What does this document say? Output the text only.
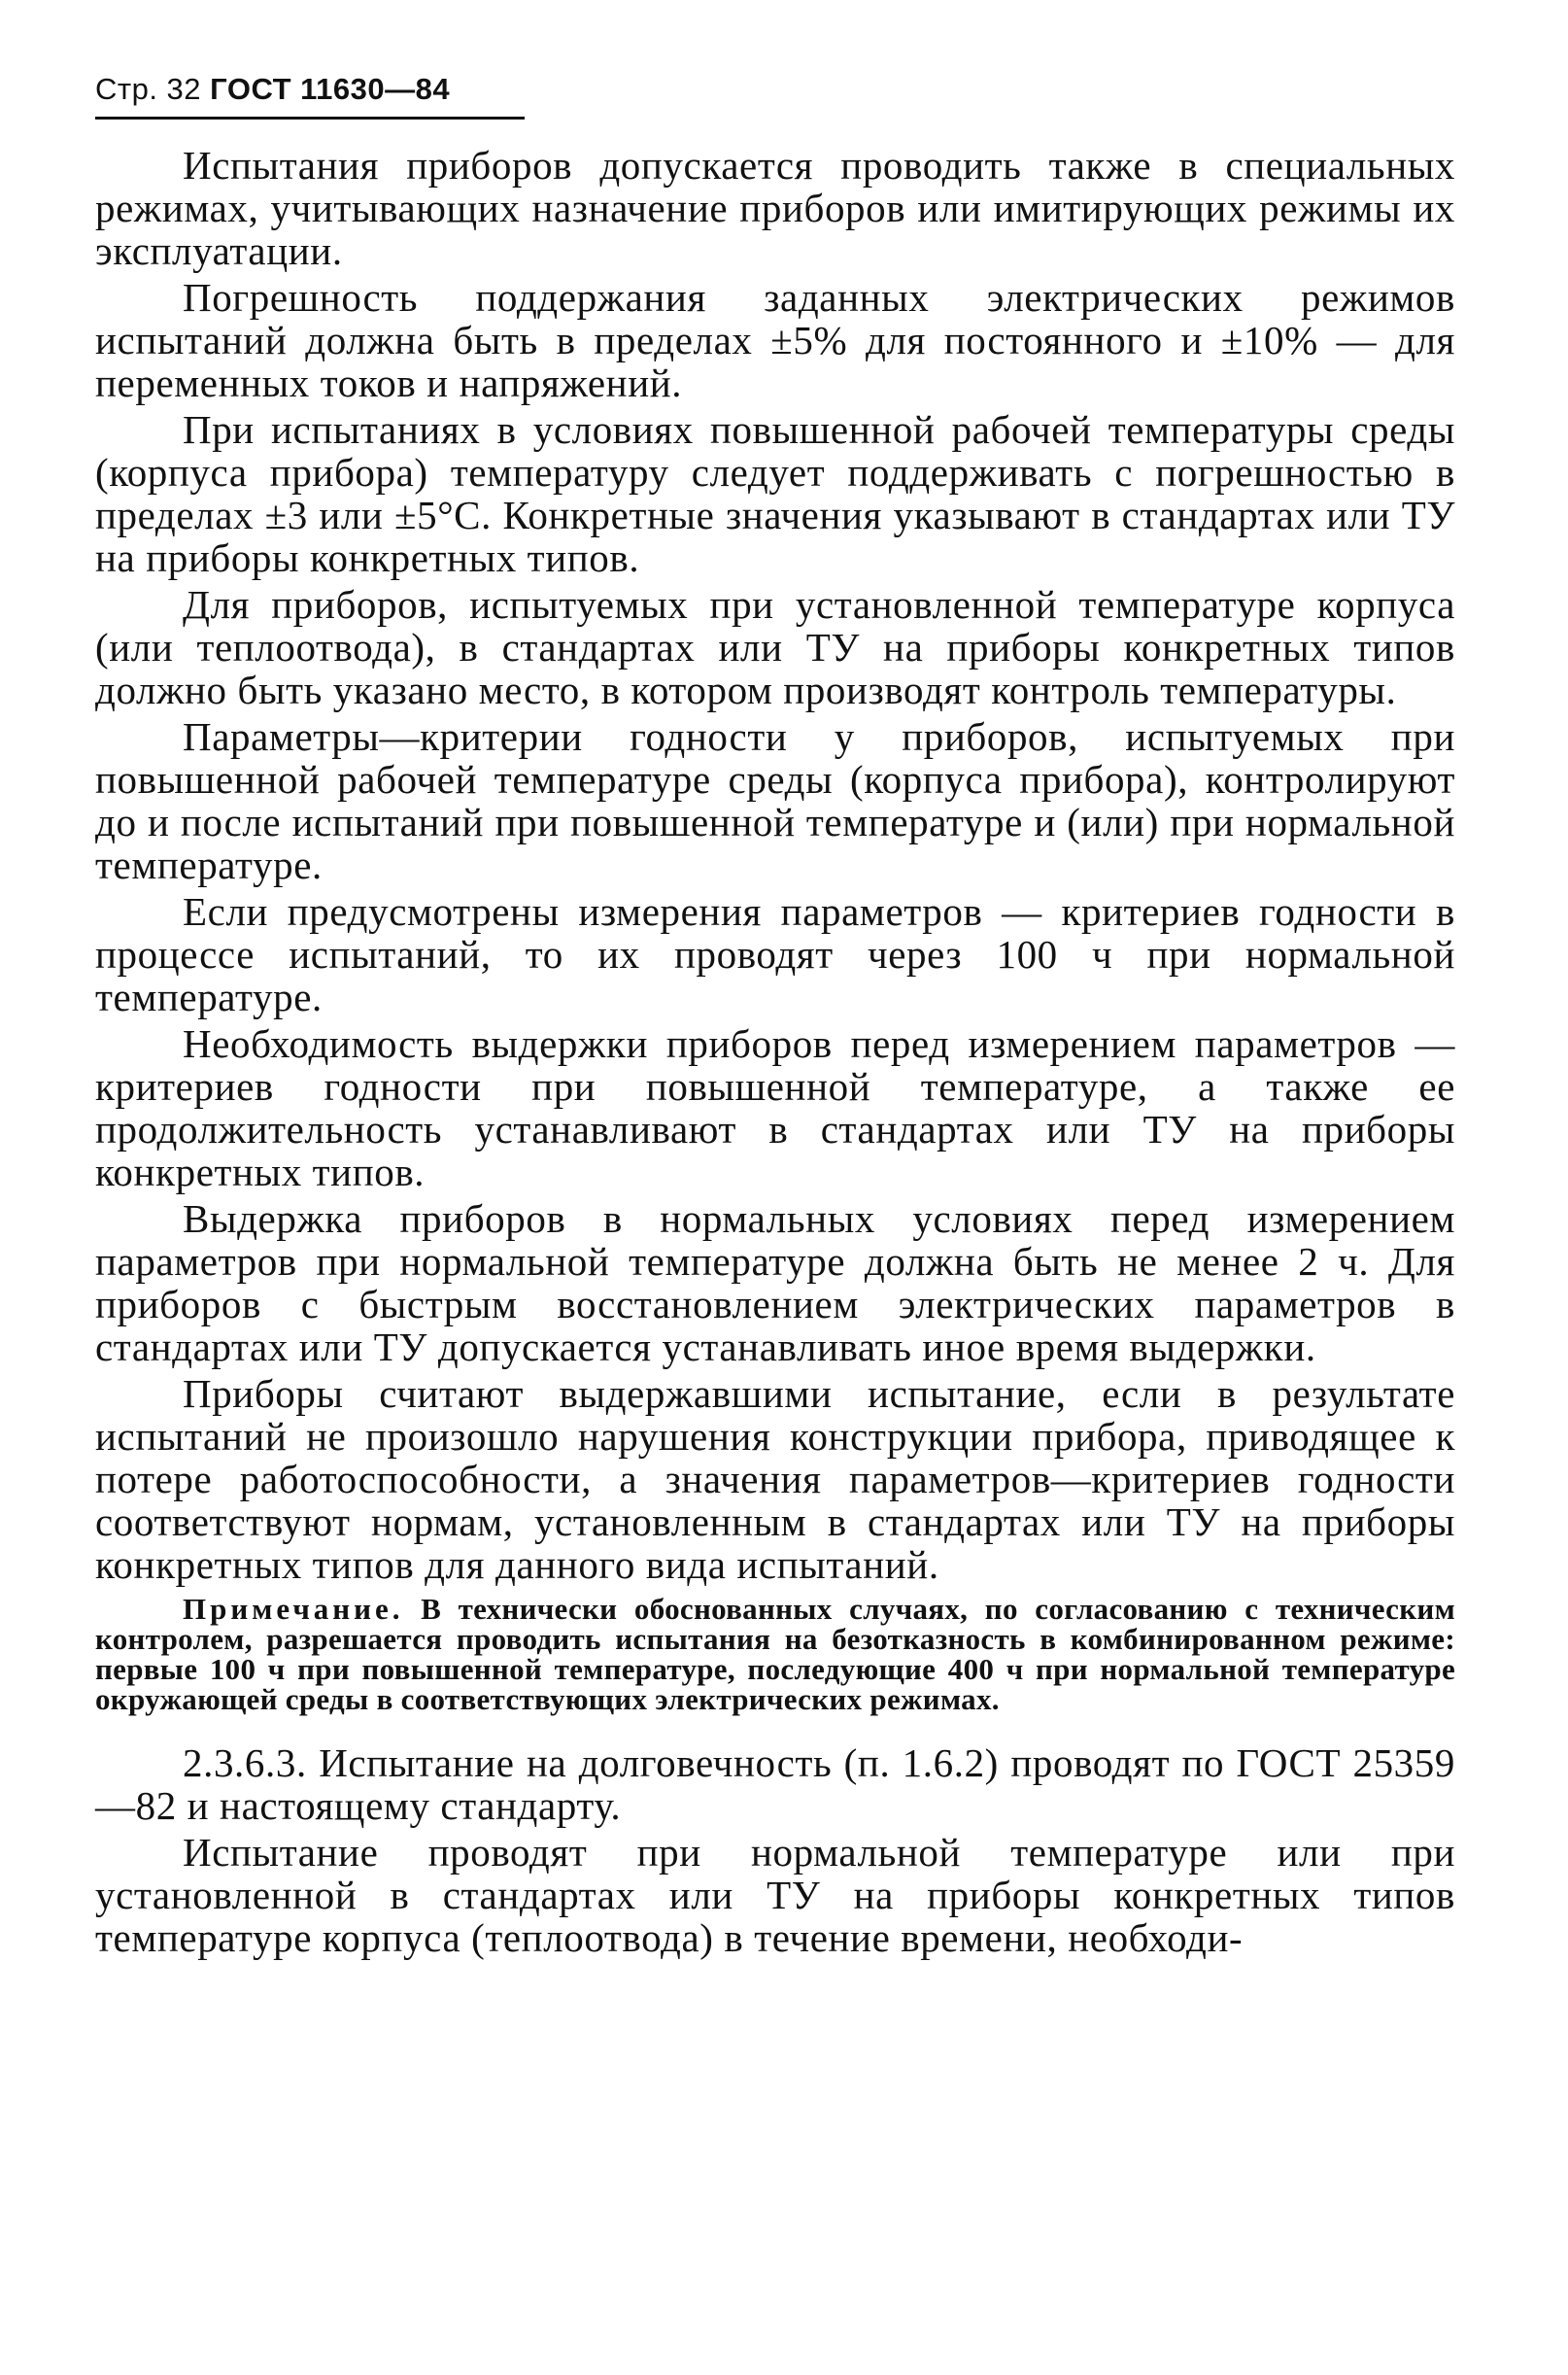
Стр. 32 ГОСТ 11630—84

Испытания приборов допускается проводить также в специальных режимах, учитывающих назначение приборов или имитирующих режимы их эксплуатации.

Погрешность поддержания заданных электрических режимов испытаний должна быть в пределах ±5% для постоянного и ±10% — для переменных токов и напряжений.

При испытаниях в условиях повышенной рабочей температуры среды (корпуса прибора) температуру следует поддерживать с погрешностью в пределах ±3 или ±5°С. Конкретные значения указывают в стандартах или ТУ на приборы конкретных типов.

Для приборов, испытуемых при установленной температуре корпуса (или теплоотвода), в стандартах или ТУ на приборы конкретных типов должно быть указано место, в котором производят контроль температуры.

Параметры—критерии годности у приборов, испытуемых при повышенной рабочей температуре среды (корпуса прибора), контролируют до и после испытаний при повышенной температуре и (или) при нормальной температуре.

Если предусмотрены измерения параметров — критериев годности в процессе испытаний, то их проводят через 100 ч при нормальной температуре.

Необходимость выдержки приборов перед измерением параметров — критериев годности при повышенной температуре, а также ее продолжительность устанавливают в стандартах или ТУ на приборы конкретных типов.

Выдержка приборов в нормальных условиях перед измерением параметров при нормальной температуре должна быть не менее 2 ч. Для приборов с быстрым восстановлением электрических параметров в стандартах или ТУ допускается устанавливать иное время выдержки.

Приборы считают выдержавшими испытание, если в результате испытаний не произошло нарушения конструкции прибора, приводящее к потере работоспособности, а значения параметров—критериев годности соответствуют нормам, установленным в стандартах или ТУ на приборы конкретных типов для данного вида испытаний.

Примечание. В технически обоснованных случаях, по согласованию с техническим контролем, разрешается проводить испытания на безотказность в комбинированном режиме: первые 100 ч при повышенной температуре, последующие 400 ч при нормальной температуре окружающей среды в соответствующих электрических режимах.

2.3.6.3. Испытание на долговечность (п. 1.6.2) проводят по ГОСТ 25359—82 и настоящему стандарту.

Испытание проводят при нормальной температуре или при установленной в стандартах или ТУ на приборы конкретных типов температуре корпуса (теплоотвода) в течение времени, необходи-
